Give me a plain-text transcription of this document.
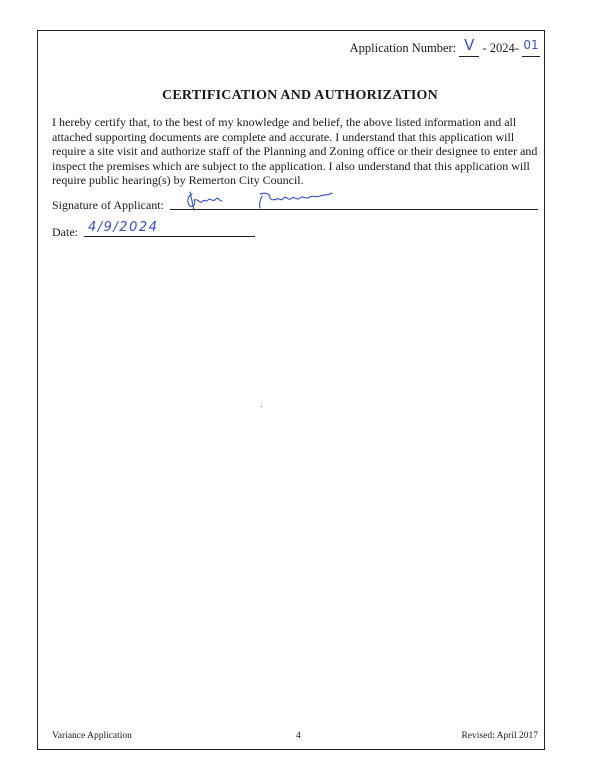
Application Number: V - 2024- 01
CERTIFICATION AND AUTHORIZATION
I hereby certify that, to the best of my knowledge and belief, the above listed information and all attached supporting documents are complete and accurate. I understand that this application will require a site visit and authorize staff of the Planning and Zoning office or their designee to enter and inspect the premises which are subject to the application. I also understand that this application will require public hearing(s) by Remerton City Council.
Signature of Applicant:
Date: 4/9/2024
Variance Application	4	Revised: April 2017
